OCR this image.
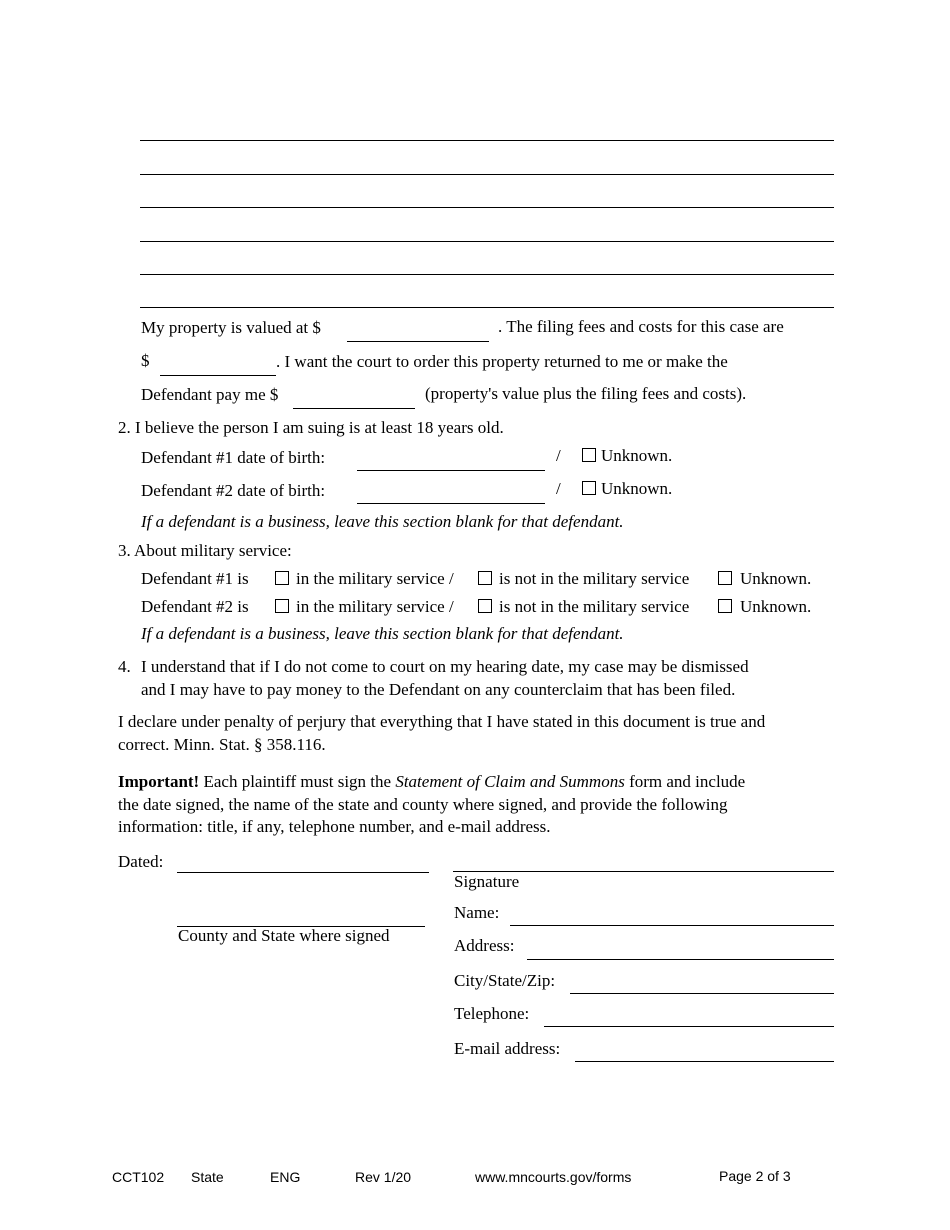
My property is valued at $	. The filing fees and costs for this case are
$	. I want the court to order this property returned to me or make the
Defendant pay me $	(property's value plus the filing fees and costs).
2. I believe the person I am suing is at least 18 years old.
Defendant #1 date of birth:	/ Unknown.
Defendant #2 date of birth:	/ Unknown.
If a defendant is a business, leave this section blank for that defendant.
3. About military service:
Defendant #1 is	in the military service /	is not in the military service	Unknown.
Defendant #2 is	in the military service /	is not in the military service	Unknown.
If a defendant is a business, leave this section blank for that defendant.
4. I understand that if I do not come to court on my hearing date, my case may be dismissed
and I may have to pay money to the Defendant on any counterclaim that has been filed.
I declare under penalty of perjury that everything that I have stated in this document is true and
correct. Minn. Stat. § 358.116.
Important! Each plaintiff must sign the Statement of Claim and Summons form and include
the date signed, the name of the state and county where signed, and provide the following
information: title, if any, telephone number, and e-mail address.
Dated:
County and State where signed
Signature
Name:
Address:
City/State/Zip:
Telephone:
E-mail address:
CCT102 State	ENG	Rev 1/20	www.mncourts.gov/forms	Page 2 of 3
